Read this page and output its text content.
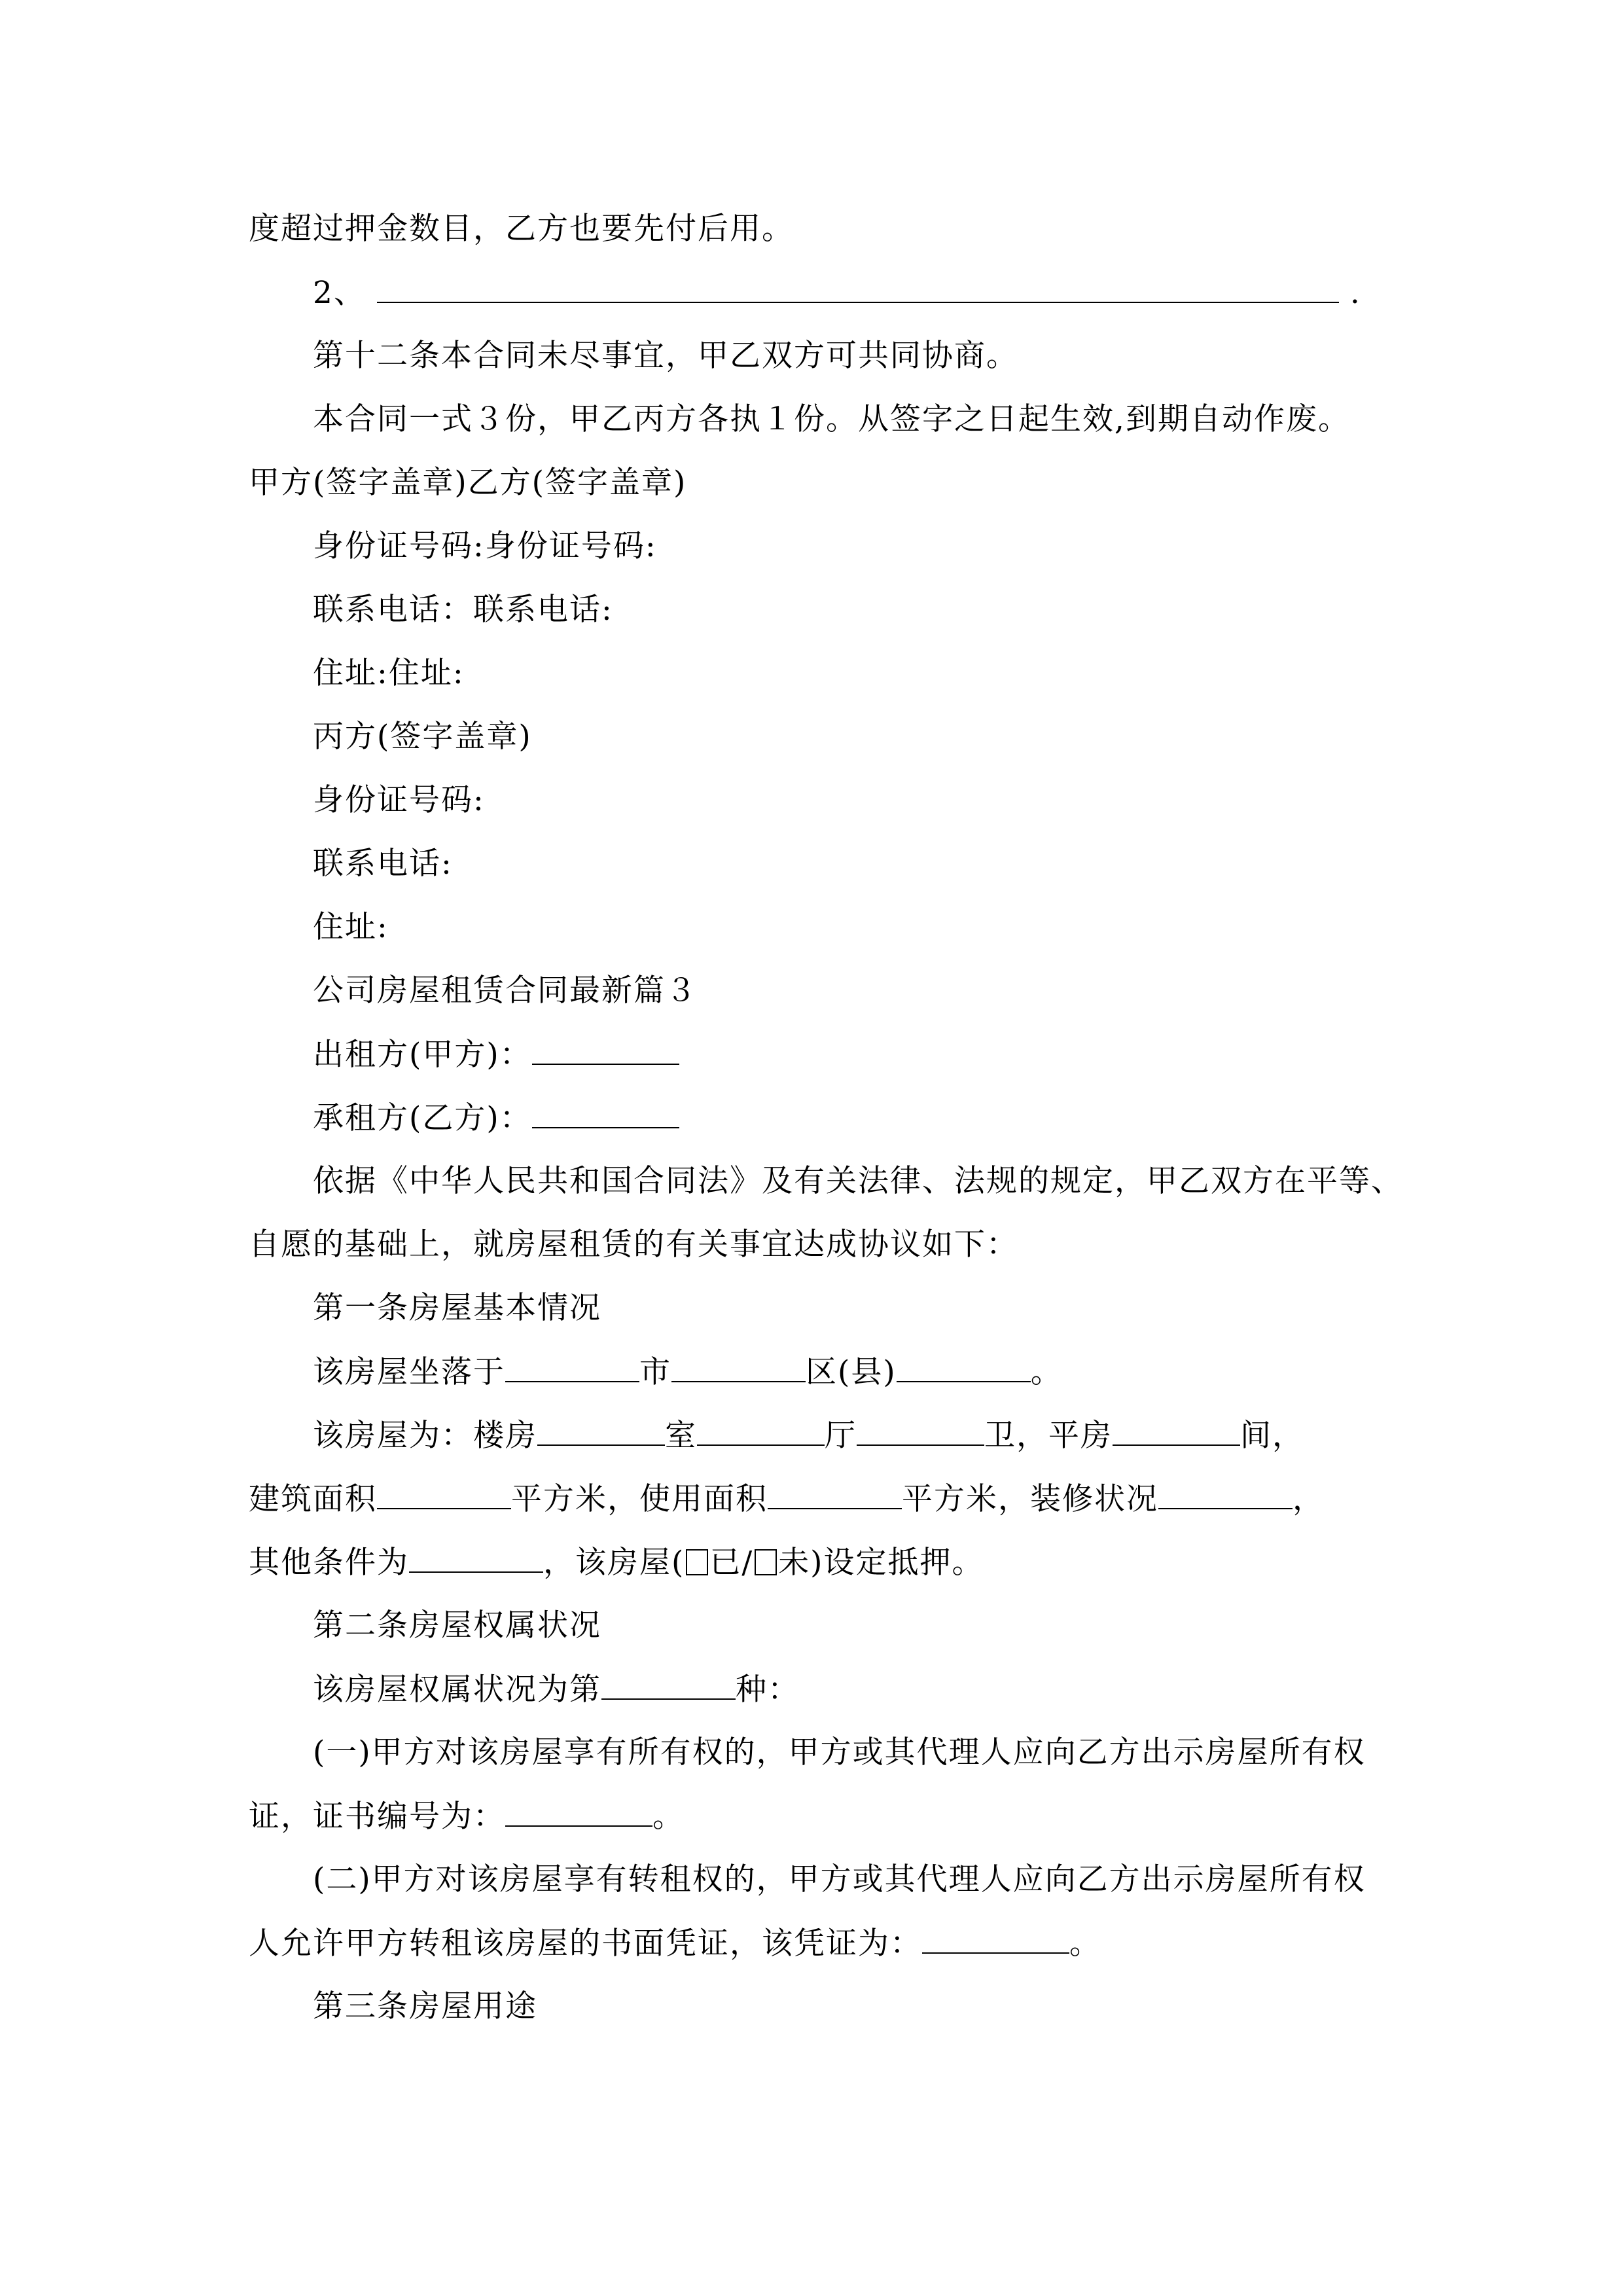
度超过押金数目，乙方也要先付后用。
2、	.
第十二条本合同未尽事宜，甲乙双方可共同协商。
本合同一式３份，甲乙丙方各执１份。从签字之日起生效,到期自动作废。
甲方(签字盖章)乙方(签字盖章)
身份证号码:身份证号码:
联系电话：联系电话:
住址:住址:
丙方(签字盖章)
身份证号码:
联系电话:
住址:
公司房屋租赁合同最新篇３
出租方(甲方)：
承租方(乙方)：
依据《中华人民共和国合同法》及有关法律、法规的规定，甲乙双方在平等、
自愿的基础上，就房屋租赁的有关事宜达成协议如下：
第一条房屋基本情况
该房屋坐落于	市	区(县)	。
该房屋为：楼房	室	厅	卫，平房	间，
建筑面积	平方米，使用面积	平方米，装修状况	，
其他条件为	，该房屋( 已/ 未)设定抵押。
第二条房屋权属状况
该房屋权属状况为第	种：
(一)甲方对该房屋享有所有权的，甲方或其代理人应向乙方出示房屋所有权
证，证书编号为：	。
(二)甲方对该房屋享有转租权的，甲方或其代理人应向乙方出示房屋所有权
人允许甲方转租该房屋的书面凭证，该凭证为：	。
第三条房屋用途
